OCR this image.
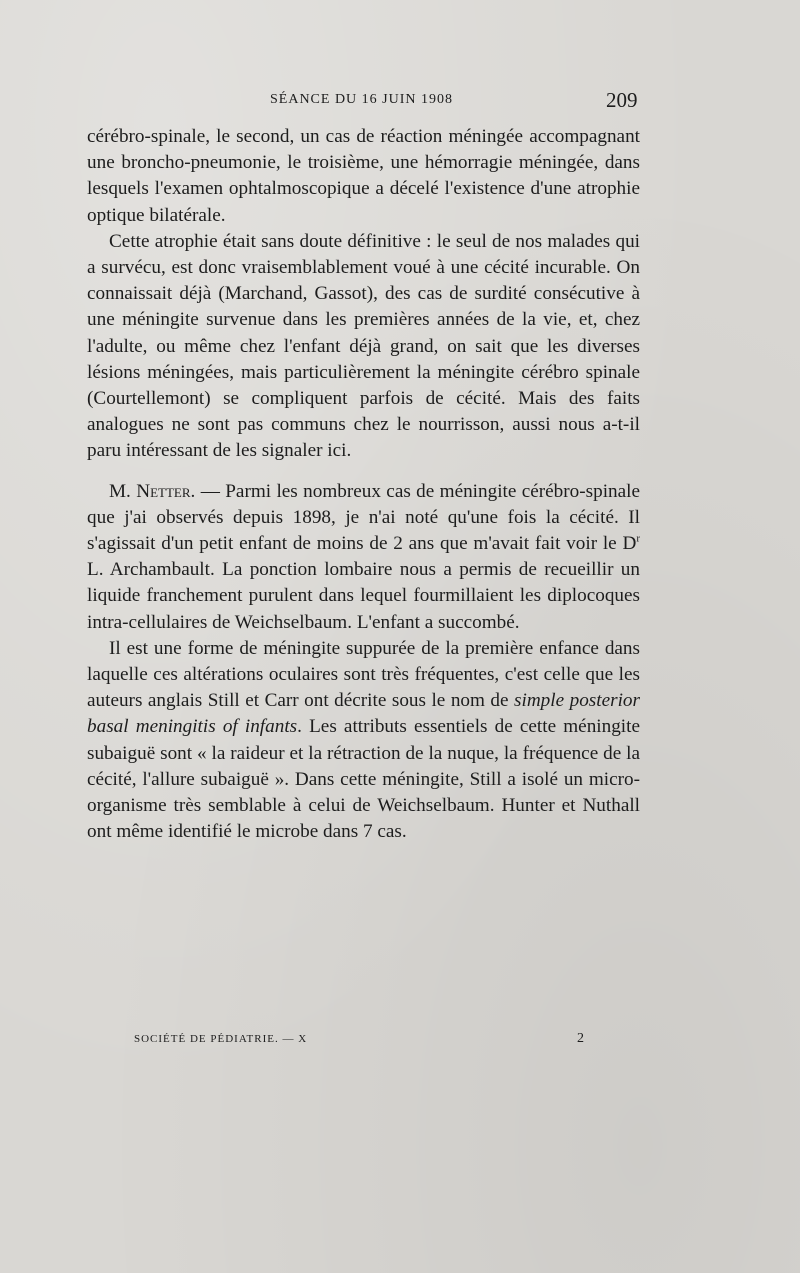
SÉANCE DU 16 JUIN 1908	209

cérébro-spinale, le second, un cas de réaction méningée accompagnant une broncho-pneumonie, le troisième, une hémorragie méningée, dans lesquels l'examen ophtalmoscopique a décelé l'existence d'une atrophie optique bilatérale.

Cette atrophie était sans doute définitive : le seul de nos malades qui a survécu, est donc vraisemblablement voué à une cécité incurable. On connaissait déjà (Marchand, Gassot), des cas de surdité consécutive à une méningite survenue dans les premières années de la vie, et, chez l'adulte, ou même chez l'enfant déjà grand, on sait que les diverses lésions méningées, mais particulièrement la méningite cérébro spinale (Courtellemont) se compliquent parfois de cécité. Mais des faits analogues ne sont pas communs chez le nourrisson, aussi nous a-t-il paru intéressant de les signaler ici.

M. Netter. — Parmi les nombreux cas de méningite cérébro-spinale que j'ai observés depuis 1898, je n'ai noté qu'une fois la cécité. Il s'agissait d'un petit enfant de moins de 2 ans que m'avait fait voir le $D^r$ L. Archambault. La ponction lombaire nous a permis de recueillir un liquide franchement purulent dans lequel fourmillaient les diplocoques intra-cellulaires de Weichselbaum. L'enfant a succombé.

Il est une forme de méningite suppurée de la première enfance dans laquelle ces altérations oculaires sont très fréquentes, c'est celle que les auteurs anglais Still et Carr ont décrite sous le nom de simple posterior basal meningitis of infants. Les attributs essentiels de cette méningite subaiguë sont « la raideur et la rétraction de la nuque, la fréquence de la cécité, l'allure subaiguë ». Dans cette méningite, Still a isolé un micro-organisme très semblable à celui de Weichselbaum. Hunter et Nuthall ont même identifié le microbe dans 7 cas.

SOCIÉTÉ DE PÉDIATRIE. — X	2
